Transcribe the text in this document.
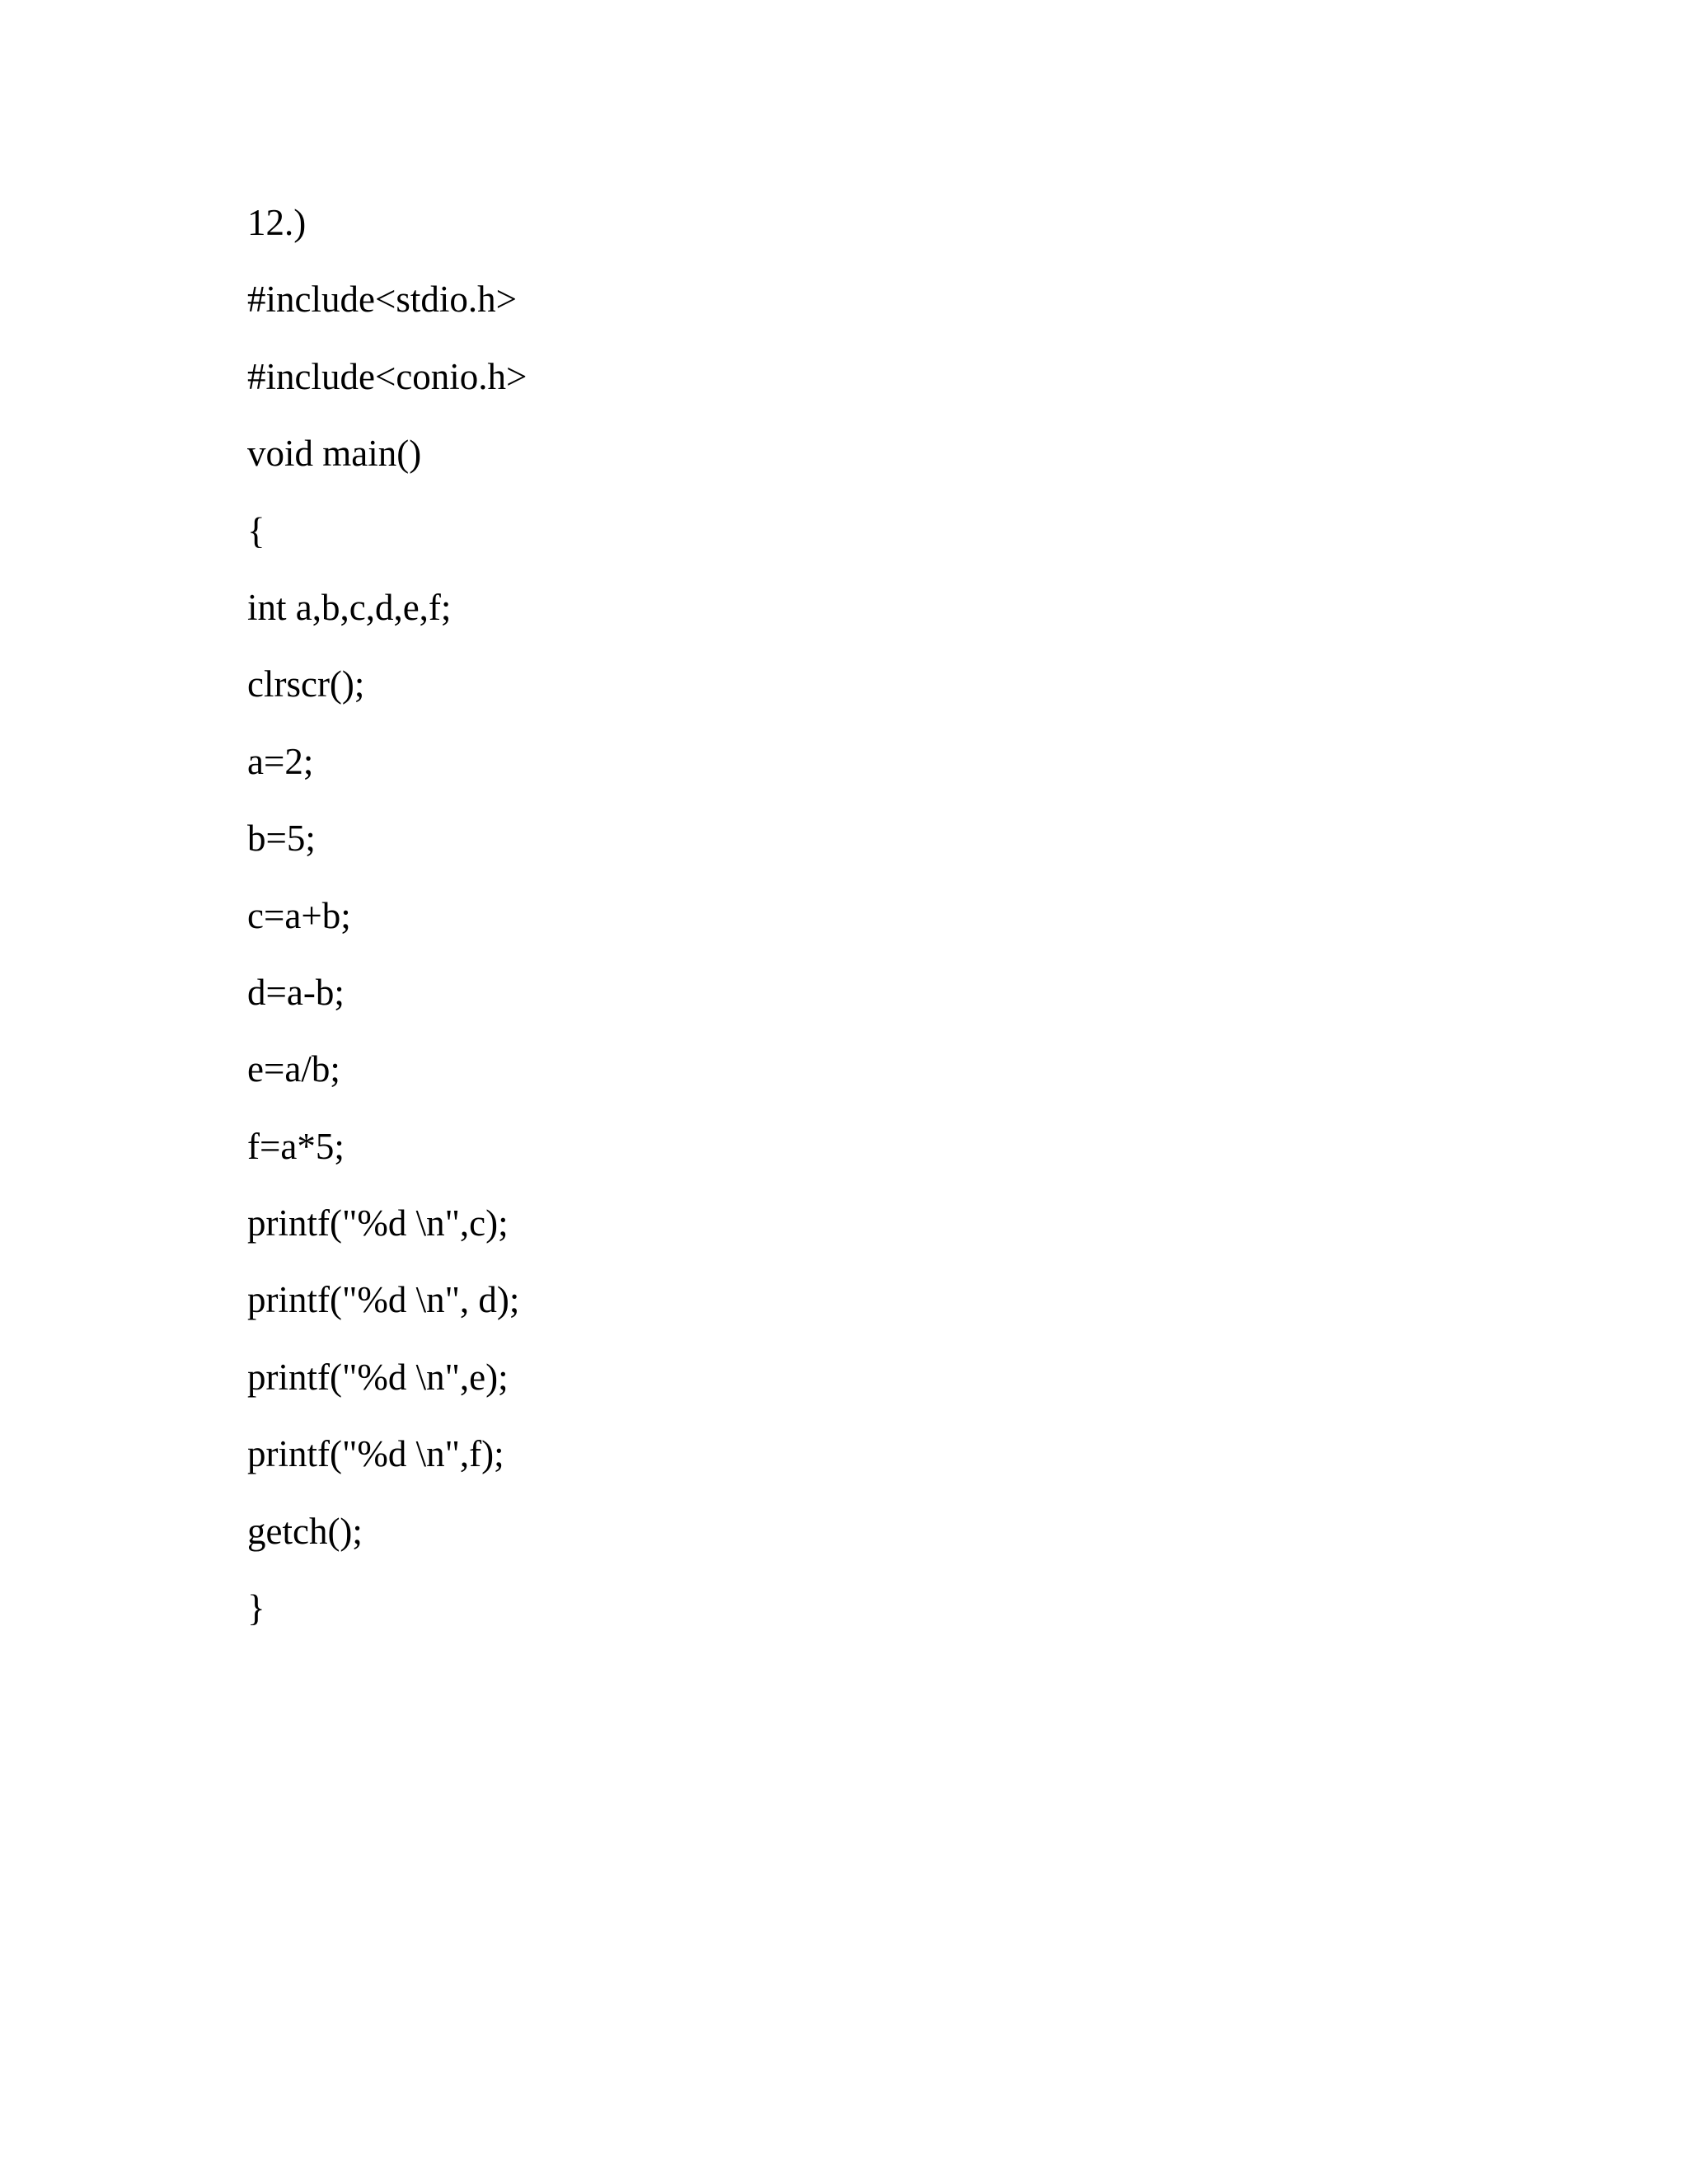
12.)

#include<stdio.h>

#include<conio.h>

void main()

{

int a,b,c,d,e,f;

clrscr();

a=2;

b=5;

c=a+b;

d=a-b;

e=a/b;

f=a*5;

printf("%d \n",c);

printf("%d \n", d);

printf("%d \n",e);

printf("%d \n",f);

getch();

}
